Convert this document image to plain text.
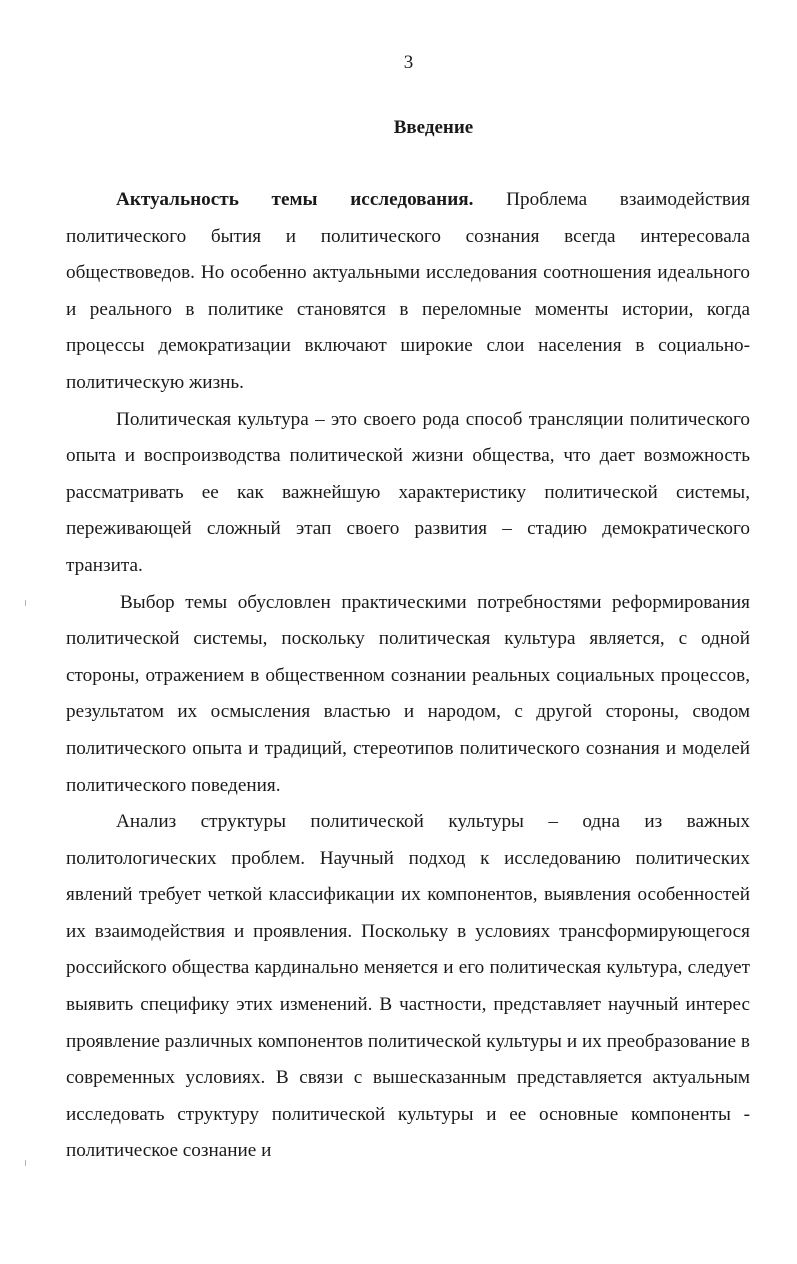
3
Введение

Актуальность темы исследования. Проблема взаимодействия политического бытия и политического сознания всегда интересовала обществоведов. Но особенно актуальными исследования соотношения идеального и реального в политике становятся в переломные моменты истории, когда процессы демократизации включают широкие слои населения в социально-политическую жизнь.

Политическая культура – это своего рода способ трансляции политического опыта и воспроизводства политической жизни общества, что дает возможность рассматривать ее как важнейшую характеристику политической системы, переживающей сложный этап своего развития – стадию демократического транзита.

Выбор темы обусловлен практическими потребностями реформирования политической системы, поскольку политическая культура является, с одной стороны, отражением в общественном сознании реальных социальных процессов, результатом их осмысления властью и народом, с другой стороны, сводом политического опыта и традиций, стереотипов политического сознания и моделей политического поведения.

Анализ структуры политической культуры – одна из важных политологических проблем. Научный подход к исследованию политических явлений требует четкой классификации их компонентов, выявления особенностей их взаимодействия и проявления. Поскольку в условиях трансформирующегося российского общества кардинально меняется и его политическая культура, следует выявить специфику этих изменений. В частности, представляет научный интерес проявление различных компонентов политической культуры и их преобразование в современных условиях. В связи с вышесказанным представляется актуальным исследовать структуру политической культуры и ее основные компоненты - политическое сознание и
